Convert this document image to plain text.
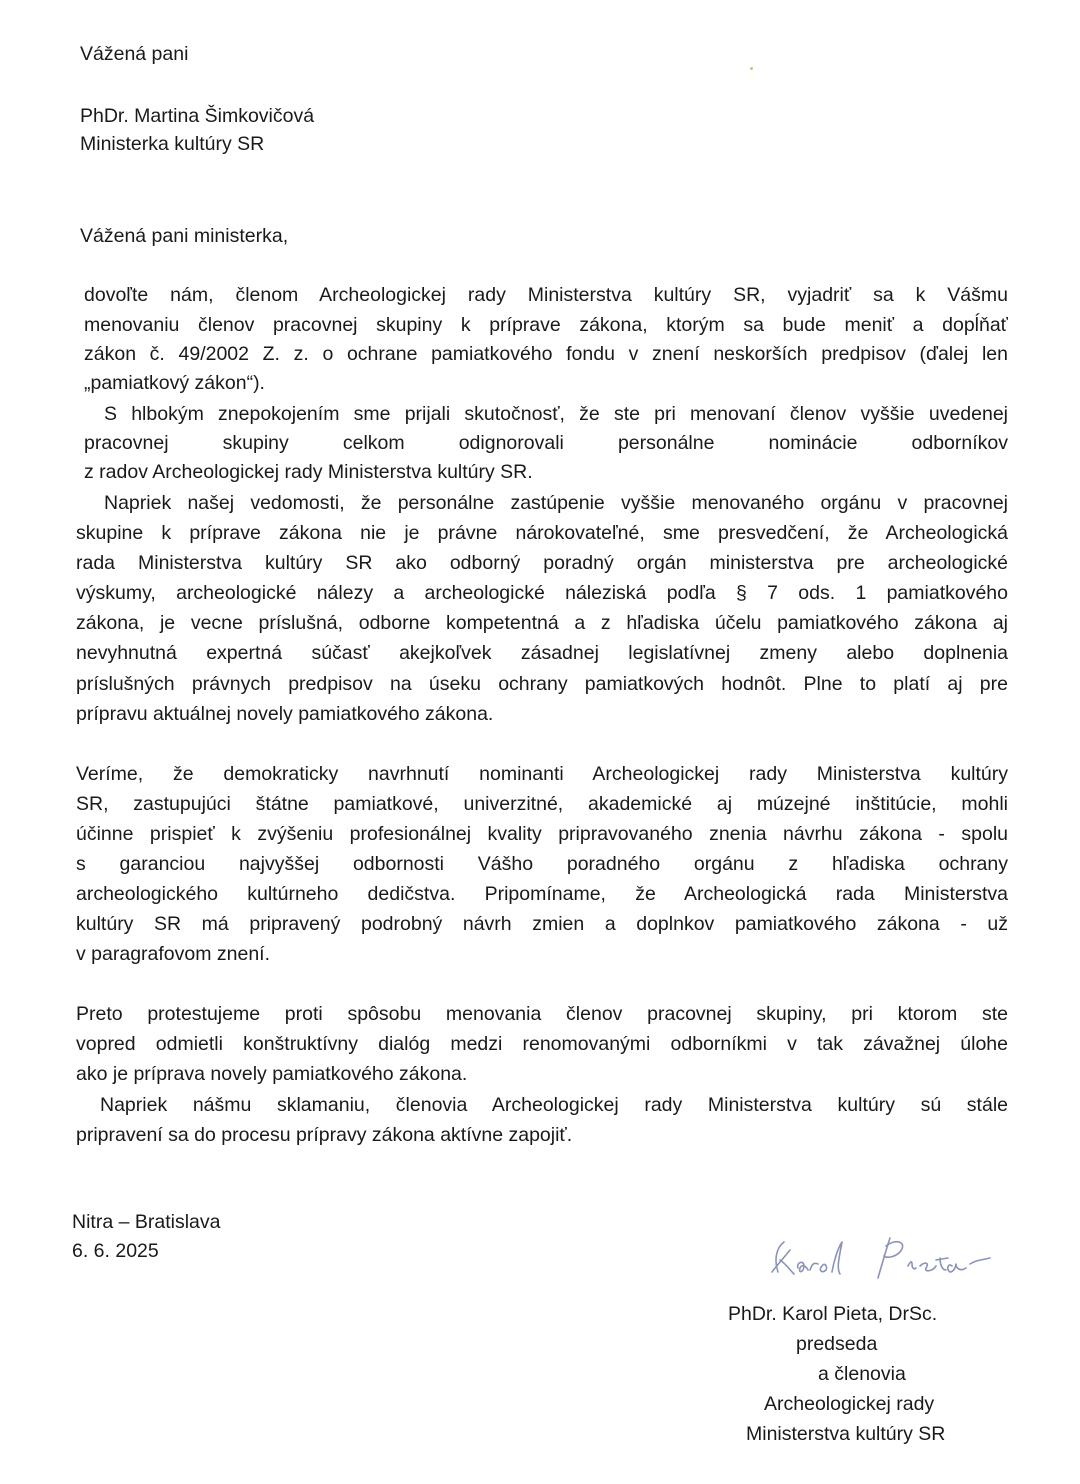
Vážená pani
PhDr. Martina Šimkovičová
Ministerka kultúry SR
Vážená pani ministerka,
dovoľte nám, členom Archeologickej rady Ministerstva kultúry SR, vyjadriť sa k Vášmu
menovaniu členov pracovnej skupiny k príprave zákona, ktorým sa bude meniť a dopĺňať
zákon č. 49/2002 Z. z. o ochrane pamiatkového fondu v znení neskorších predpisov (ďalej len
„pamiatkový zákon“).
S hlbokým znepokojením sme prijali skutočnosť, že ste pri menovaní členov vyššie uvedenej
pracovnej skupiny celkom odignorovali personálne nominácie odborníkov
z radov Archeologickej rady Ministerstva kultúry SR.
Napriek našej vedomosti, že personálne zastúpenie vyššie menovaného orgánu v pracovnej
skupine k príprave zákona nie je právne nárokovateľné, sme presvedčení, že Archeologická
rada Ministerstva kultúry SR ako odborný poradný orgán ministerstva pre archeologické
výskumy, archeologické nálezy a archeologické náleziská podľa § 7 ods. 1 pamiatkového
zákona, je vecne príslušná, odborne kompetentná a z hľadiska účelu pamiatkového zákona aj
nevyhnutná expertná súčasť akejkoľvek zásadnej legislatívnej zmeny alebo doplnenia
príslušných právnych predpisov na úseku ochrany pamiatkových hodnôt. Plne to platí aj pre
prípravu aktuálnej novely pamiatkového zákona.
Veríme, že demokraticky navrhnutí nominanti Archeologickej rady Ministerstva kultúry
SR, zastupujúci štátne pamiatkové, univerzitné, akademické aj múzejné inštitúcie, mohli
účinne prispieť k zvýšeniu profesionálnej kvality pripravovaného znenia návrhu zákona - spolu
s garanciou najvyššej odbornosti Vášho poradného orgánu z hľadiska ochrany
archeologického kultúrneho dedičstva. Pripomíname, že Archeologická rada Ministerstva
kultúry SR má pripravený podrobný návrh zmien a doplnkov pamiatkového zákona - už
v paragrafovom znení.
Preto protestujeme proti spôsobu menovania členov pracovnej skupiny, pri ktorom ste
vopred odmietli konštruktívny dialóg medzi renomovanými odborníkmi v tak závažnej úlohe
ako je príprava novely pamiatkového zákona.
Napriek nášmu sklamaniu, členovia Archeologickej rady Ministerstva kultúry sú stále
pripravení sa do procesu prípravy zákona aktívne zapojiť.
Nitra – Bratislava
6. 6. 2025
PhDr. Karol Pieta, DrSc.
predseda
a členovia
Archeologickej rady
Ministerstva kultúry SR
